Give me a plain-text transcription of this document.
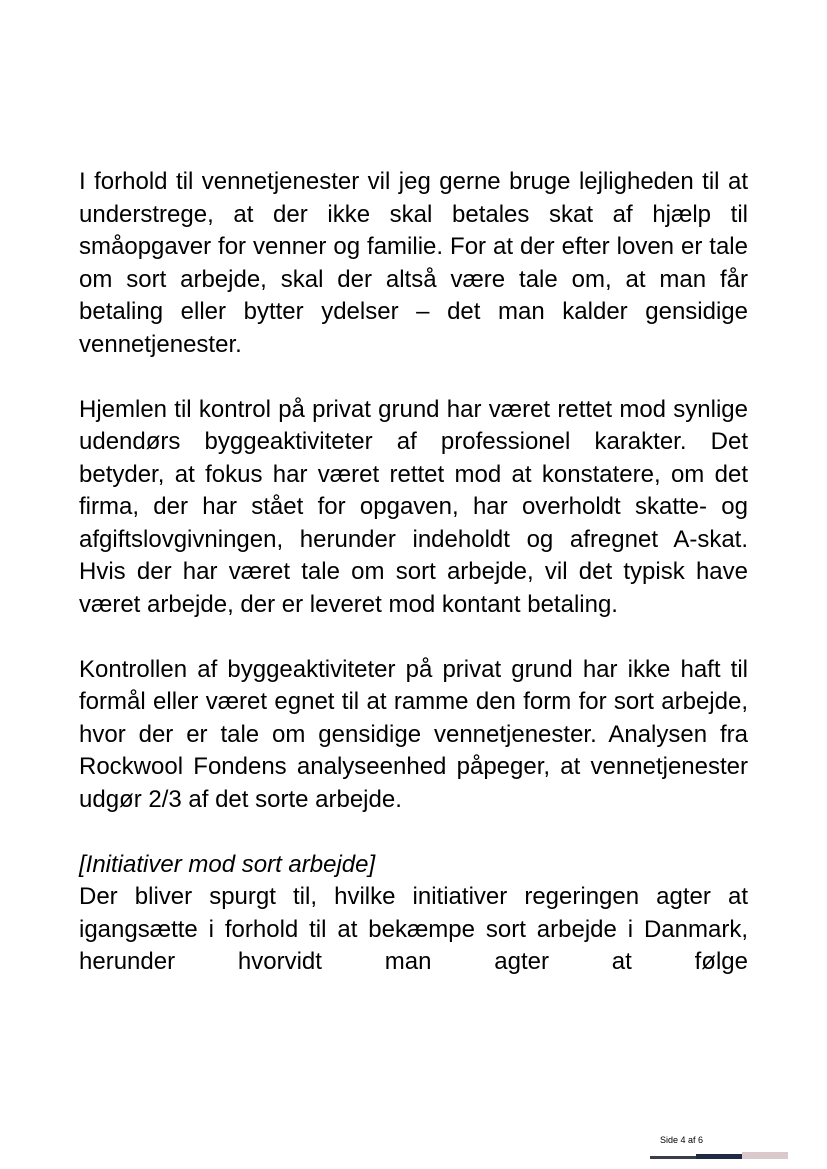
I forhold til vennetjenester vil jeg gerne bruge lejligheden til at understrege, at der ikke skal betales skat af hjælp til småopgaver for venner og familie. For at der efter loven er tale om sort arbejde, skal der altså være tale om, at man får betaling eller bytter ydelser – det man kalder gensidige vennetjenester.

Hjemlen til kontrol på privat grund har været rettet mod synlige udendørs byggeaktiviteter af professionel karakter. Det betyder, at fokus har været rettet mod at konstatere, om det firma, der har stået for opgaven, har overholdt skatte- og afgiftslovgivningen, herunder indeholdt og afregnet A-skat. Hvis der har været tale om sort arbejde, vil det typisk have været arbejde, der er leveret mod kontant betaling.

Kontrollen af byggeaktiviteter på privat grund har ikke haft til formål eller været egnet til at ramme den form for sort arbejde, hvor der er tale om gensidige vennetjenester. Analysen fra Rockwool Fondens analyseenhed påpeger, at vennetjenester udgør 2/3 af det sorte arbejde.

[Initiativer mod sort arbejde]

Der bliver spurgt til, hvilke initiativer regeringen agter at igangsætte i forhold til at bekæmpe sort arbejde i Danmark, herunder hvorvidt man agter at følge

Side 4 af 6
